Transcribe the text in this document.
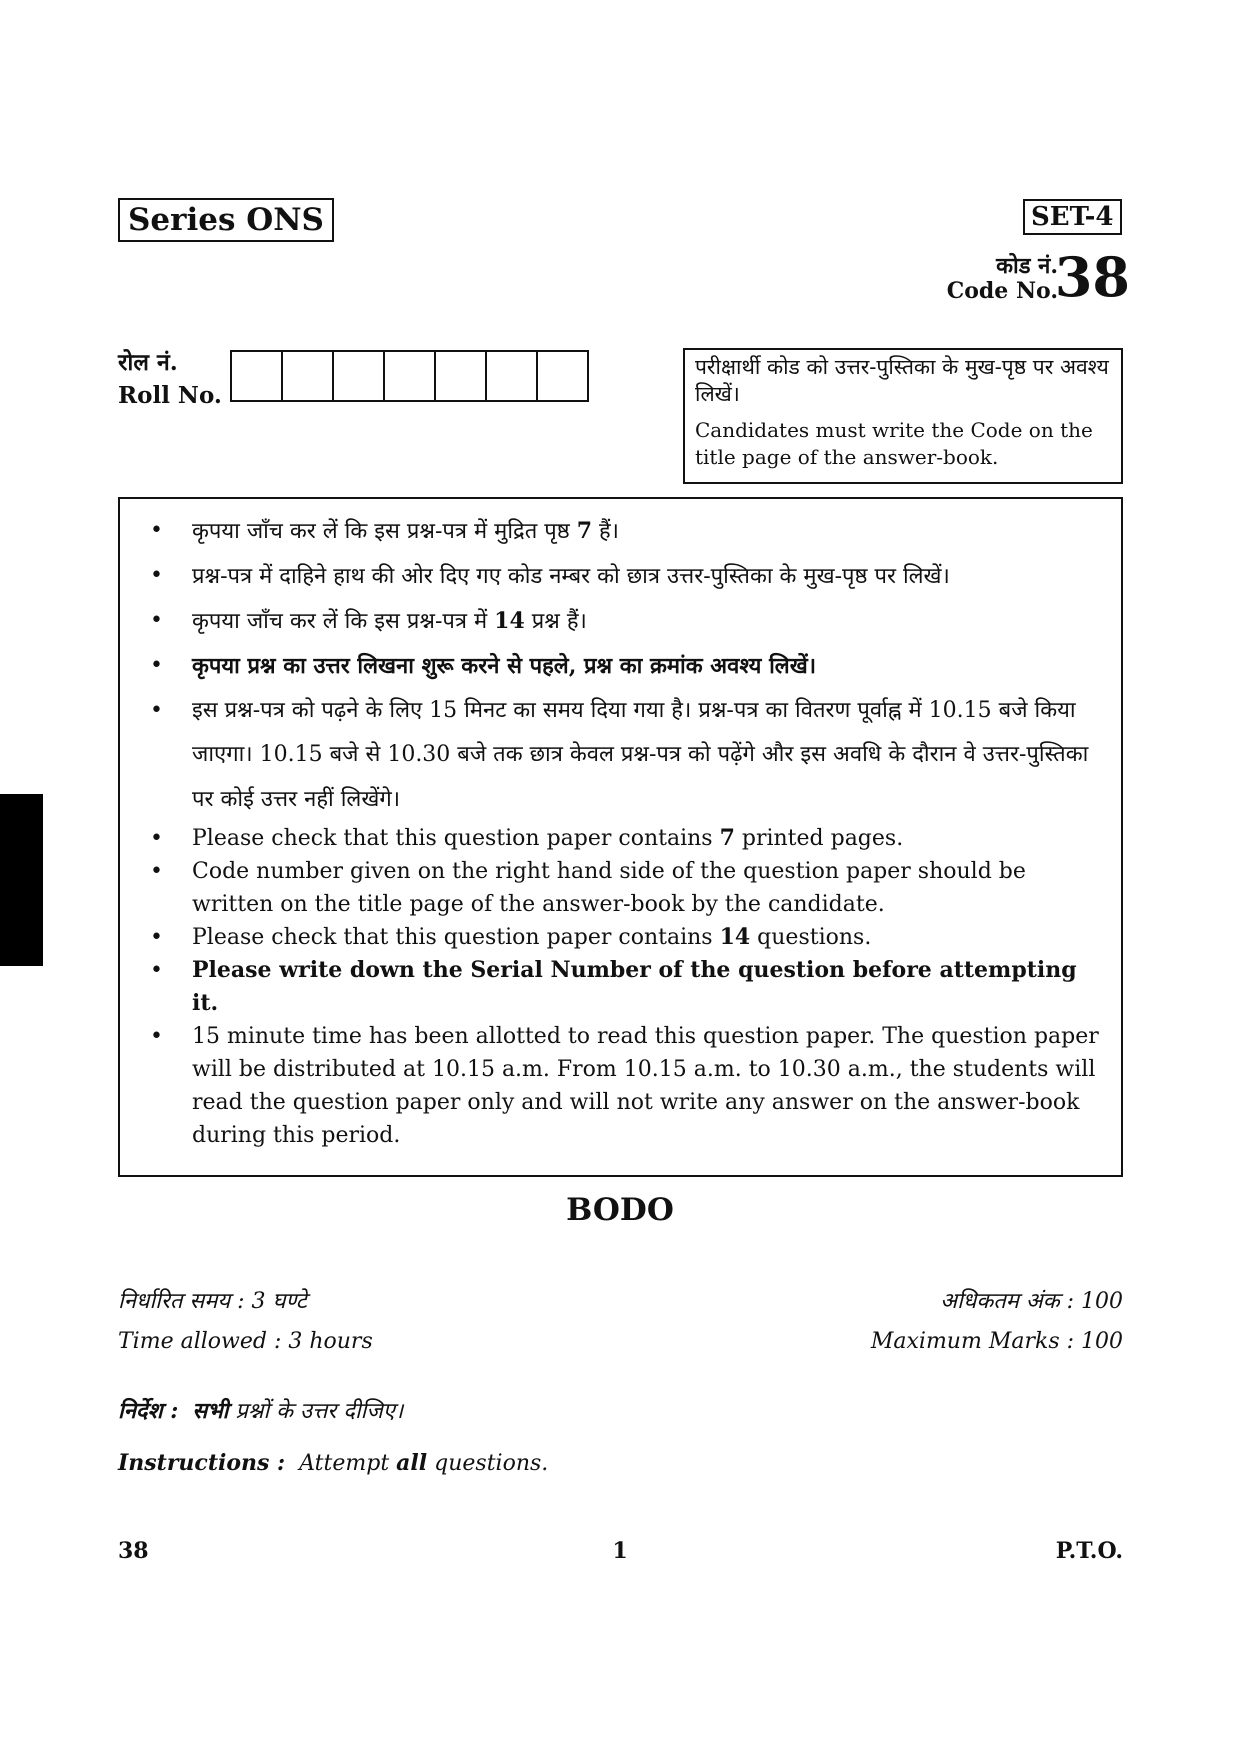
Series ONS	SET-4
कोड नं.
Code No.
38
रोल नं.
Roll No.

परीक्षार्थी कोड को उत्तर-पुस्तिका के मुख-पृष्ठ पर अवश्य लिखें।

Candidates must write the Code on the title page of the answer-book.

• कृपया जाँच कर लें कि इस प्रश्न-पत्र में मुद्रित पृष्ठ 7 हैं।
• प्रश्न-पत्र में दाहिने हाथ की ओर दिए गए कोड नम्बर को छात्र उत्तर-पुस्तिका के मुख-पृष्ठ पर लिखें।
• कृपया जाँच कर लें कि इस प्रश्न-पत्र में 14 प्रश्न हैं।
• कृपया प्रश्न का उत्तर लिखना शुरू करने से पहले, प्रश्न का क्रमांक अवश्य लिखें।
• इस प्रश्न-पत्र को पढ़ने के लिए 15 मिनट का समय दिया गया है। प्रश्न-पत्र का वितरण पूर्वाह्न में 10.15 बजे किया जाएगा। 10.15 बजे से 10.30 बजे तक छात्र केवल प्रश्न-पत्र को पढ़ेंगे और इस अवधि के दौरान वे उत्तर-पुस्तिका पर कोई उत्तर नहीं लिखेंगे।
• Please check that this question paper contains 7 printed pages.
• Code number given on the right hand side of the question paper should be written on the title page of the answer-book by the candidate.
• Please check that this question paper contains 14 questions.
• Please write down the Serial Number of the question before attempting it.
• 15 minute time has been allotted to read this question paper. The question paper will be distributed at 10.15 a.m. From 10.15 a.m. to 10.30 a.m., the students will read the question paper only and will not write any answer on the answer-book during this period.
BODO
निर्धारित समय : 3 घण्टे
Time allowed : 3 hours
अधिकतम अंक : 100
Maximum Marks : 100
निर्देश : सभी प्रश्नों के उत्तर दीजिए।
Instructions : Attempt all questions.
38	1	P.T.O.
